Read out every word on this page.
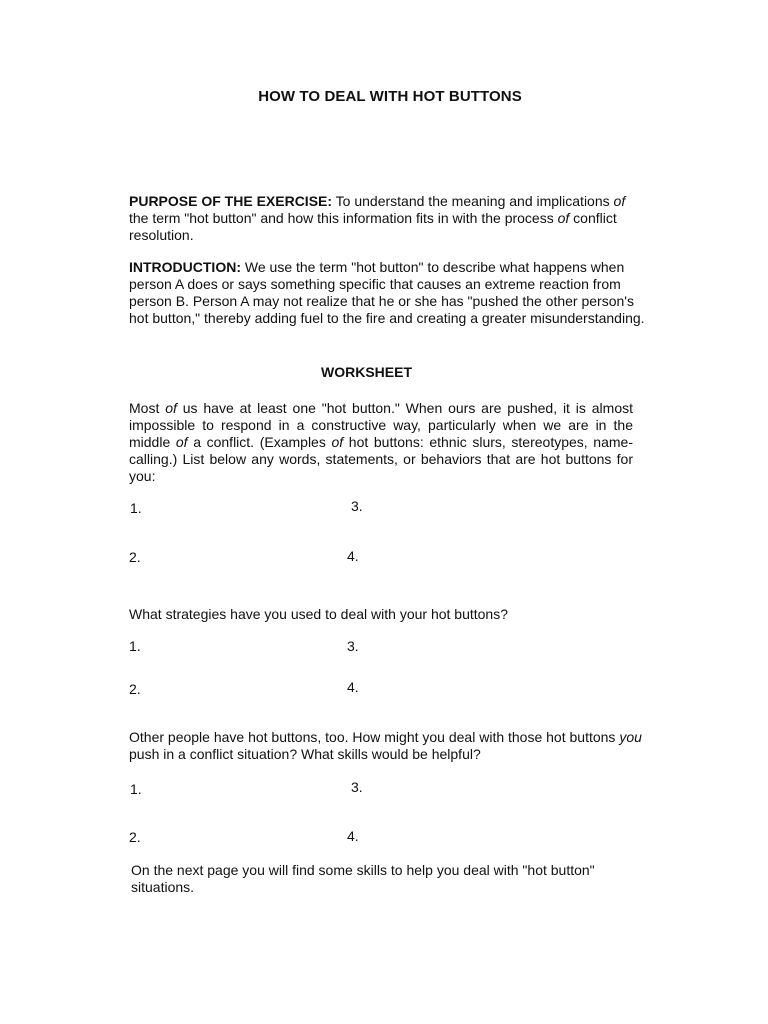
HOW TO DEAL WITH HOT BUTTONS
PURPOSE OF THE EXERCISE: To understand the meaning and implications of the term "hot button" and how this information fits in with the process of conflict resolution.
INTRODUCTION: We use the term "hot button" to describe what happens when person A does or says something specific that causes an extreme reaction from person B. Person A may not realize that he or she has "pushed the other person's hot button," thereby adding fuel to the fire and creating a greater misunderstanding.
WORKSHEET
Most of us have at least one "hot button." When ours are pushed, it is almost impossible to respond in a constructive way, particularly when we are in the middle of a conflict. (Examples of hot buttons: ethnic slurs, stereotypes, name-calling.) List below any words, statements, or behaviors that are hot buttons for you:
1.
2.
3.
4.
What strategies have you used to deal with your hot buttons?
1.
2.
3.
4.
Other people have hot buttons, too. How might you deal with those hot buttons you push in a conflict situation? What skills would be helpful?
1.
2.
3.
4.
On the next page you will find some skills to help you deal with "hot button" situations.
